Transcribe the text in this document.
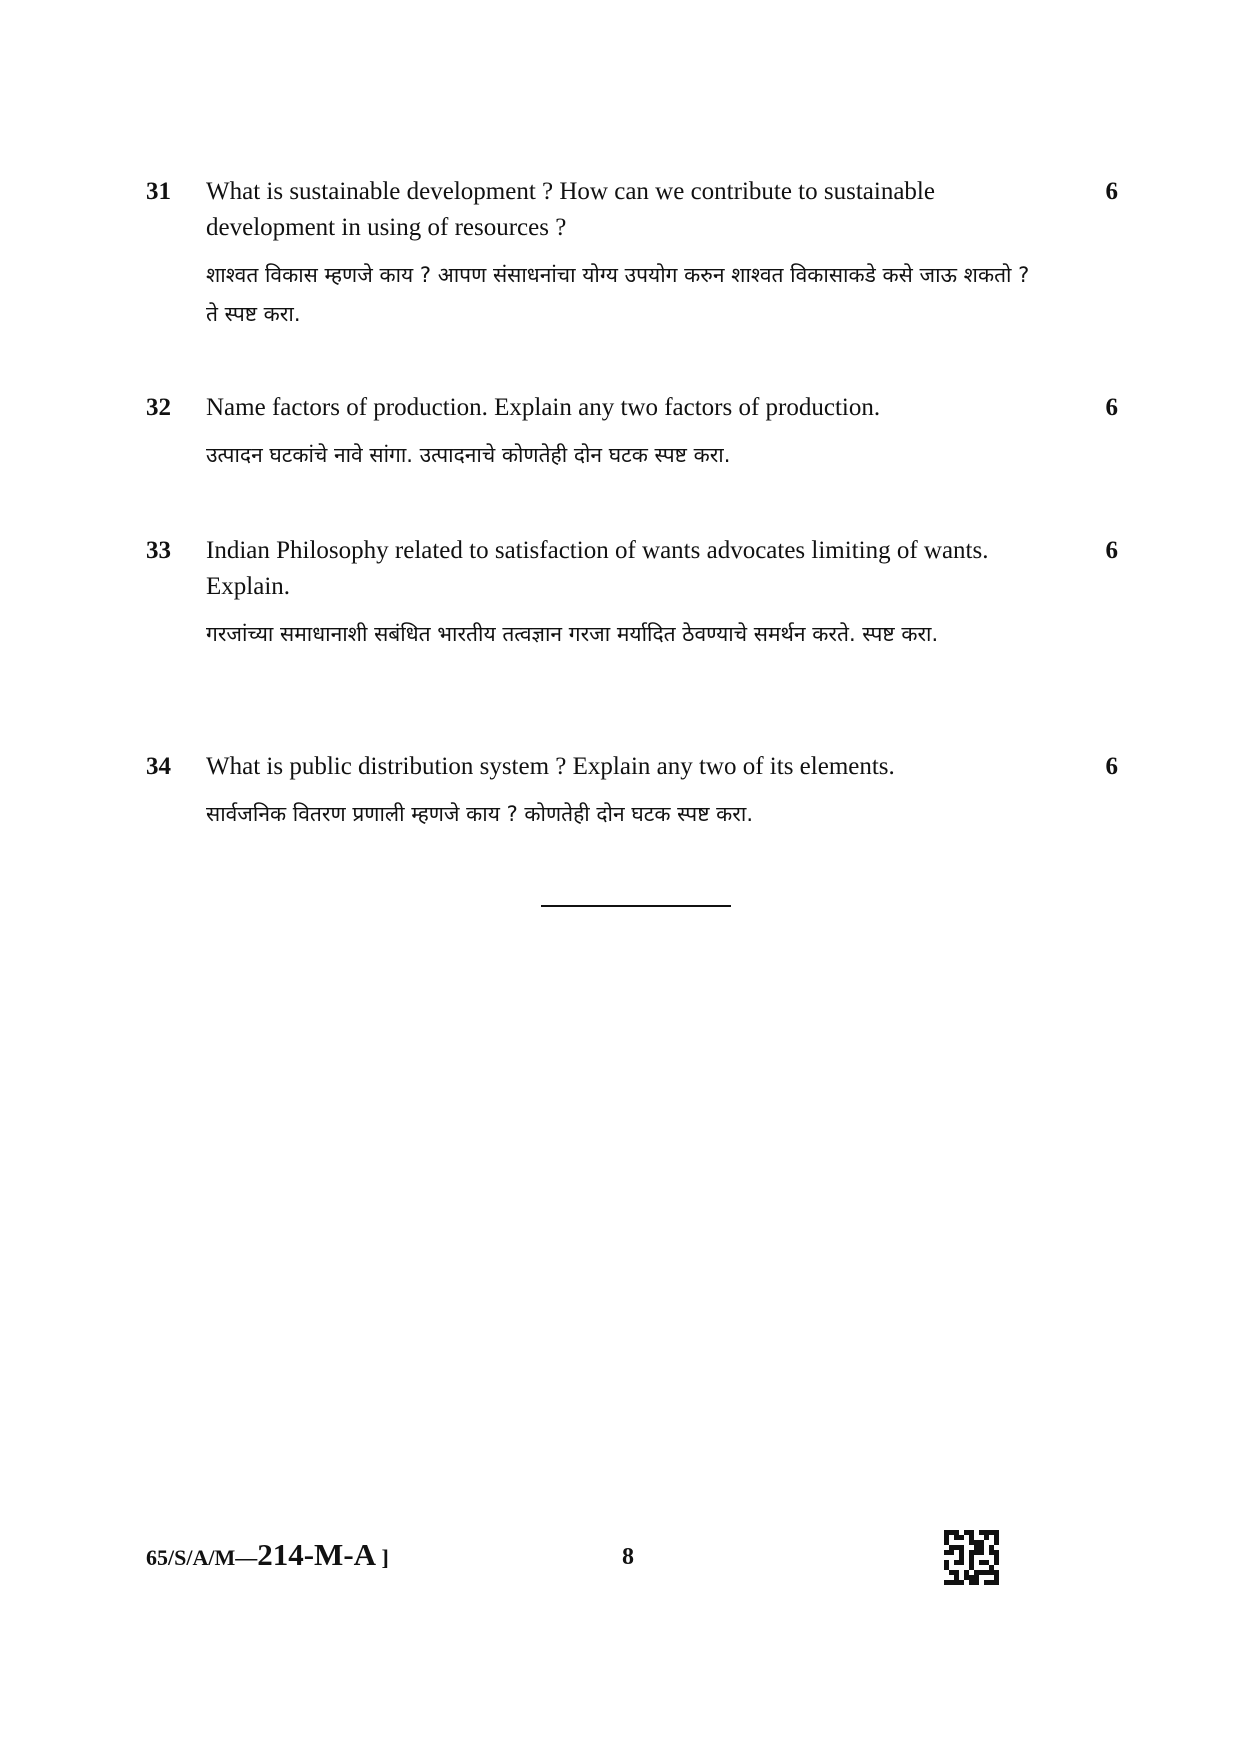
31 What is sustainable development ? How can we contribute to sustainable development in using of resources ?

शाश्वत विकास म्हणजे काय ? आपण संसाधनांचा योग्य उपयोग करुन शाश्वत विकासाकडे कसे जाऊ शकतो ? ते स्पष्ट करा.

6
32 Name factors of production. Explain any two factors of production.

उत्पादन घटकांचे नावे सांगा. उत्पादनाचे कोणतेही दोन घटक स्पष्ट करा.

6
33 Indian Philosophy related to satisfaction of wants advocates limiting of wants. Explain.

गरजांच्या समाधानाशी सबंधित भारतीय तत्वज्ञान गरजा मर्यादित ठेवण्याचे समर्थन करते. स्पष्ट करा.

6
34 What is public distribution system ? Explain any two of its elements.

सार्वजनिक वितरण प्रणाली म्हणजे काय ? कोणतेही दोन घटक स्पष्ट करा.

6
65/S/A/M—214-M-A ]	8
